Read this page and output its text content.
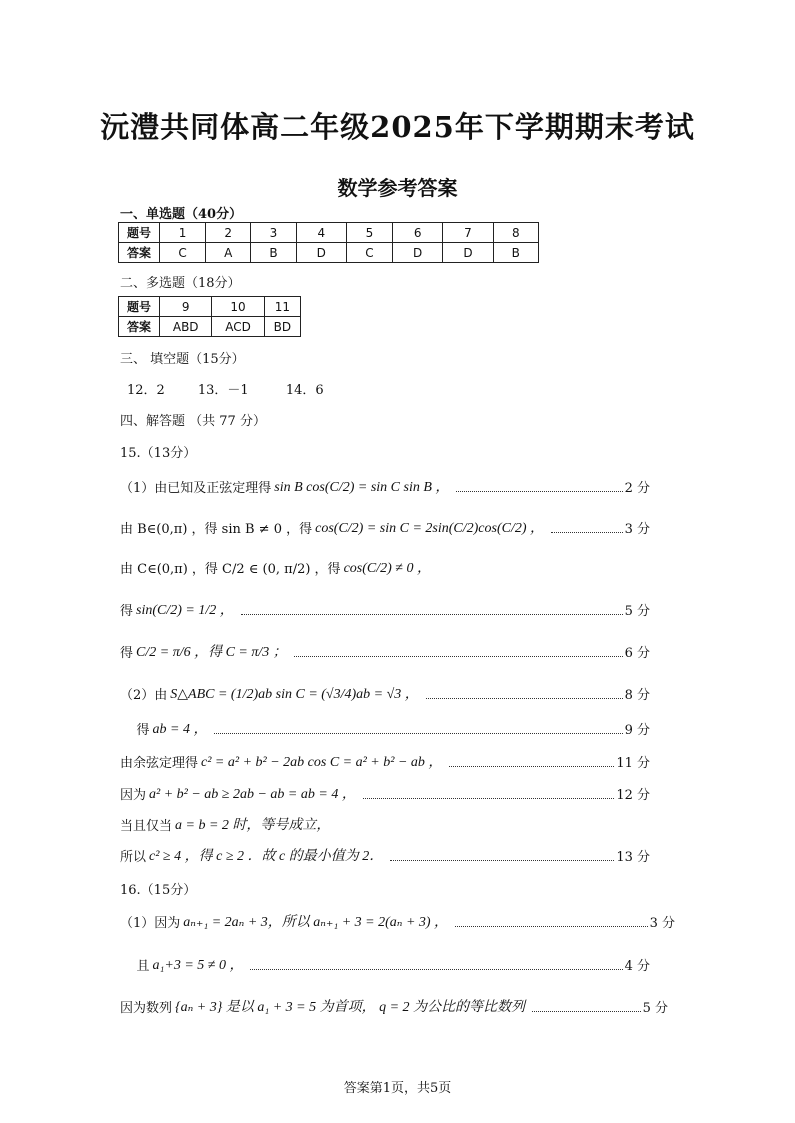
沅澧共同体高二年级2025年下学期期末考试
数学参考答案
一、单选题（40分）
题号	1	2	3	4	5	6	7	8
答案	C	A	B	D	C	D	D	B
二、多选题（18分）
题号	9	10	11
答案	ABD	ACD	BD
三、 填空题（15分）
12．2        13．－1         14．6
四、解答题 （共 77 分）
15.（13分）
（1）由已知及正弦定理得 sin B cos(C/2) = sin C sin B ，	2 分
由 B∈(0,π) ，得 sin B ≠ 0 ，得 cos(C/2) = sin C = 2sin(C/2)cos(C/2) ，	3 分
由 C∈(0,π) ，得 C/2 ∈ (0, π/2) ，得 cos(C/2) ≠ 0 ，
得 sin(C/2) = 1/2 ，	5 分
得 C/2 = π/6 ，得 C = π/3 ；	6 分
（2）由 S△ABC = (1/2)ab sin C = (√3/4)ab = √3 ，	8 分
得 ab = 4 ，	9 分
由余弦定理得 c² = a² + b² − 2ab cos C = a² + b² − ab ，	11 分
因为 a² + b² − ab ≥ 2ab − ab = ab = 4 ，	12 分
当且仅当 a = b = 2 时，等号成立，
所以 c² ≥ 4 ，得 c ≥ 2 ．故 c 的最小值为 2．	13 分
16.（15分）
（1）因为 aₙ₊₁ = 2aₙ + 3，所以 aₙ₊₁ + 3 = 2(aₙ + 3) ，	3 分
且 a₁+3 = 5 ≠ 0 ，	4 分
因为数列 {aₙ + 3} 是以 a₁ + 3 = 5 为首项， q = 2 为公比的等比数列	5 分
答案第1页，共5页
